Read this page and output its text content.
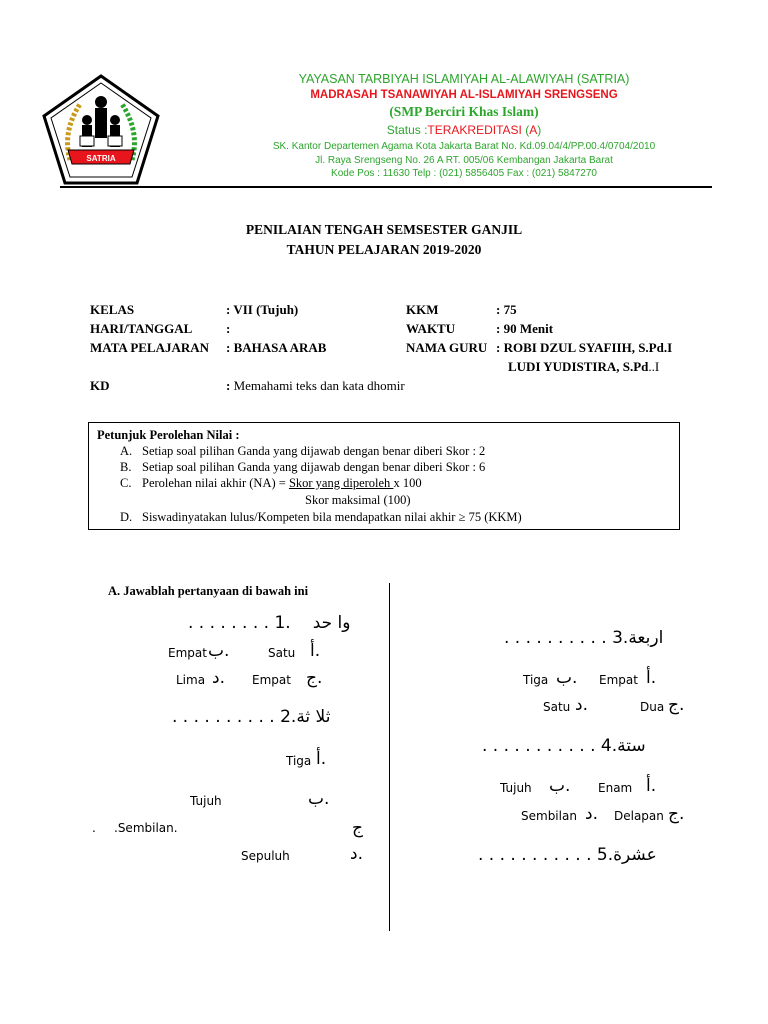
SATRIA
YAYASAN TARBIYAH ISLAMIYAH AL-ALAWIYAH (SATRIA)
MADRASAH TSANAWIYAH AL-ISLAMIYAH SRENGSENG
(SMP Berciri Khas Islam)
Status :TERAKREDITASI (A)
SK. Kantor Departemen Agama Kota Jakarta Barat No. Kd.09.04/4/PP.00.4/0704/2010
Jl. Raya Srengseng No. 26 A RT. 005/06 Kembangan Jakarta Barat
Kode Pos : 11630 Telp : (021) 5856405 Fax : (021) 5847270
PENILAIAN TENGAH SEMSESTER GANJIL
TAHUN PELAJARAN 2019-2020
KELAS	: VII (Tujuh)
HARI/TANGGAL	:
MATA PELAJARAN : BAHASA ARAB
KKM	: 75
WAKTU	: 90 Menit
NAMA GURU : ROBI DZUL SYAFIIH, S.Pd.I
LUDI YUDISTIRA, S.Pd..I
KD	: Memahami teks dan kata dhomir
Petunjuk Perolehan Nilai :
A. Setiap soal pilihan Ganda yang dijawab dengan benar diberi Skor : 2
B. Setiap soal pilihan Ganda yang dijawab dengan benar diberi Skor : 6
C. Perolehan nilai akhir (NA) = Skor yang diperoleh x 100
Skor maksimal (100)
D. Siswadinyatakan lulus/Kompeten bila mendapatkan nilai akhir ≥ 75 (KKM)
A. Jawablah pertanyaan di bawah ini
. . . . . . . . وا حد.1
Empat ب.	Satu أ.
Lima د. Empat ج.
. . . . . . . . . . ثلا ثة.2
Tiga أ.
Tujuh	ب.
. .Sembilan.	ج
Sepuluh	د.
. . . . . . . . . . اربعة.3
Tiga ب. Empat أ.
Satu د.	Dua ج.
. . . . . . . . . . . ستة.4
Tujuh ب. Enam أ.
Sembilan د. Delapan ج.
. . . . . . . . . . . عشرة.5
